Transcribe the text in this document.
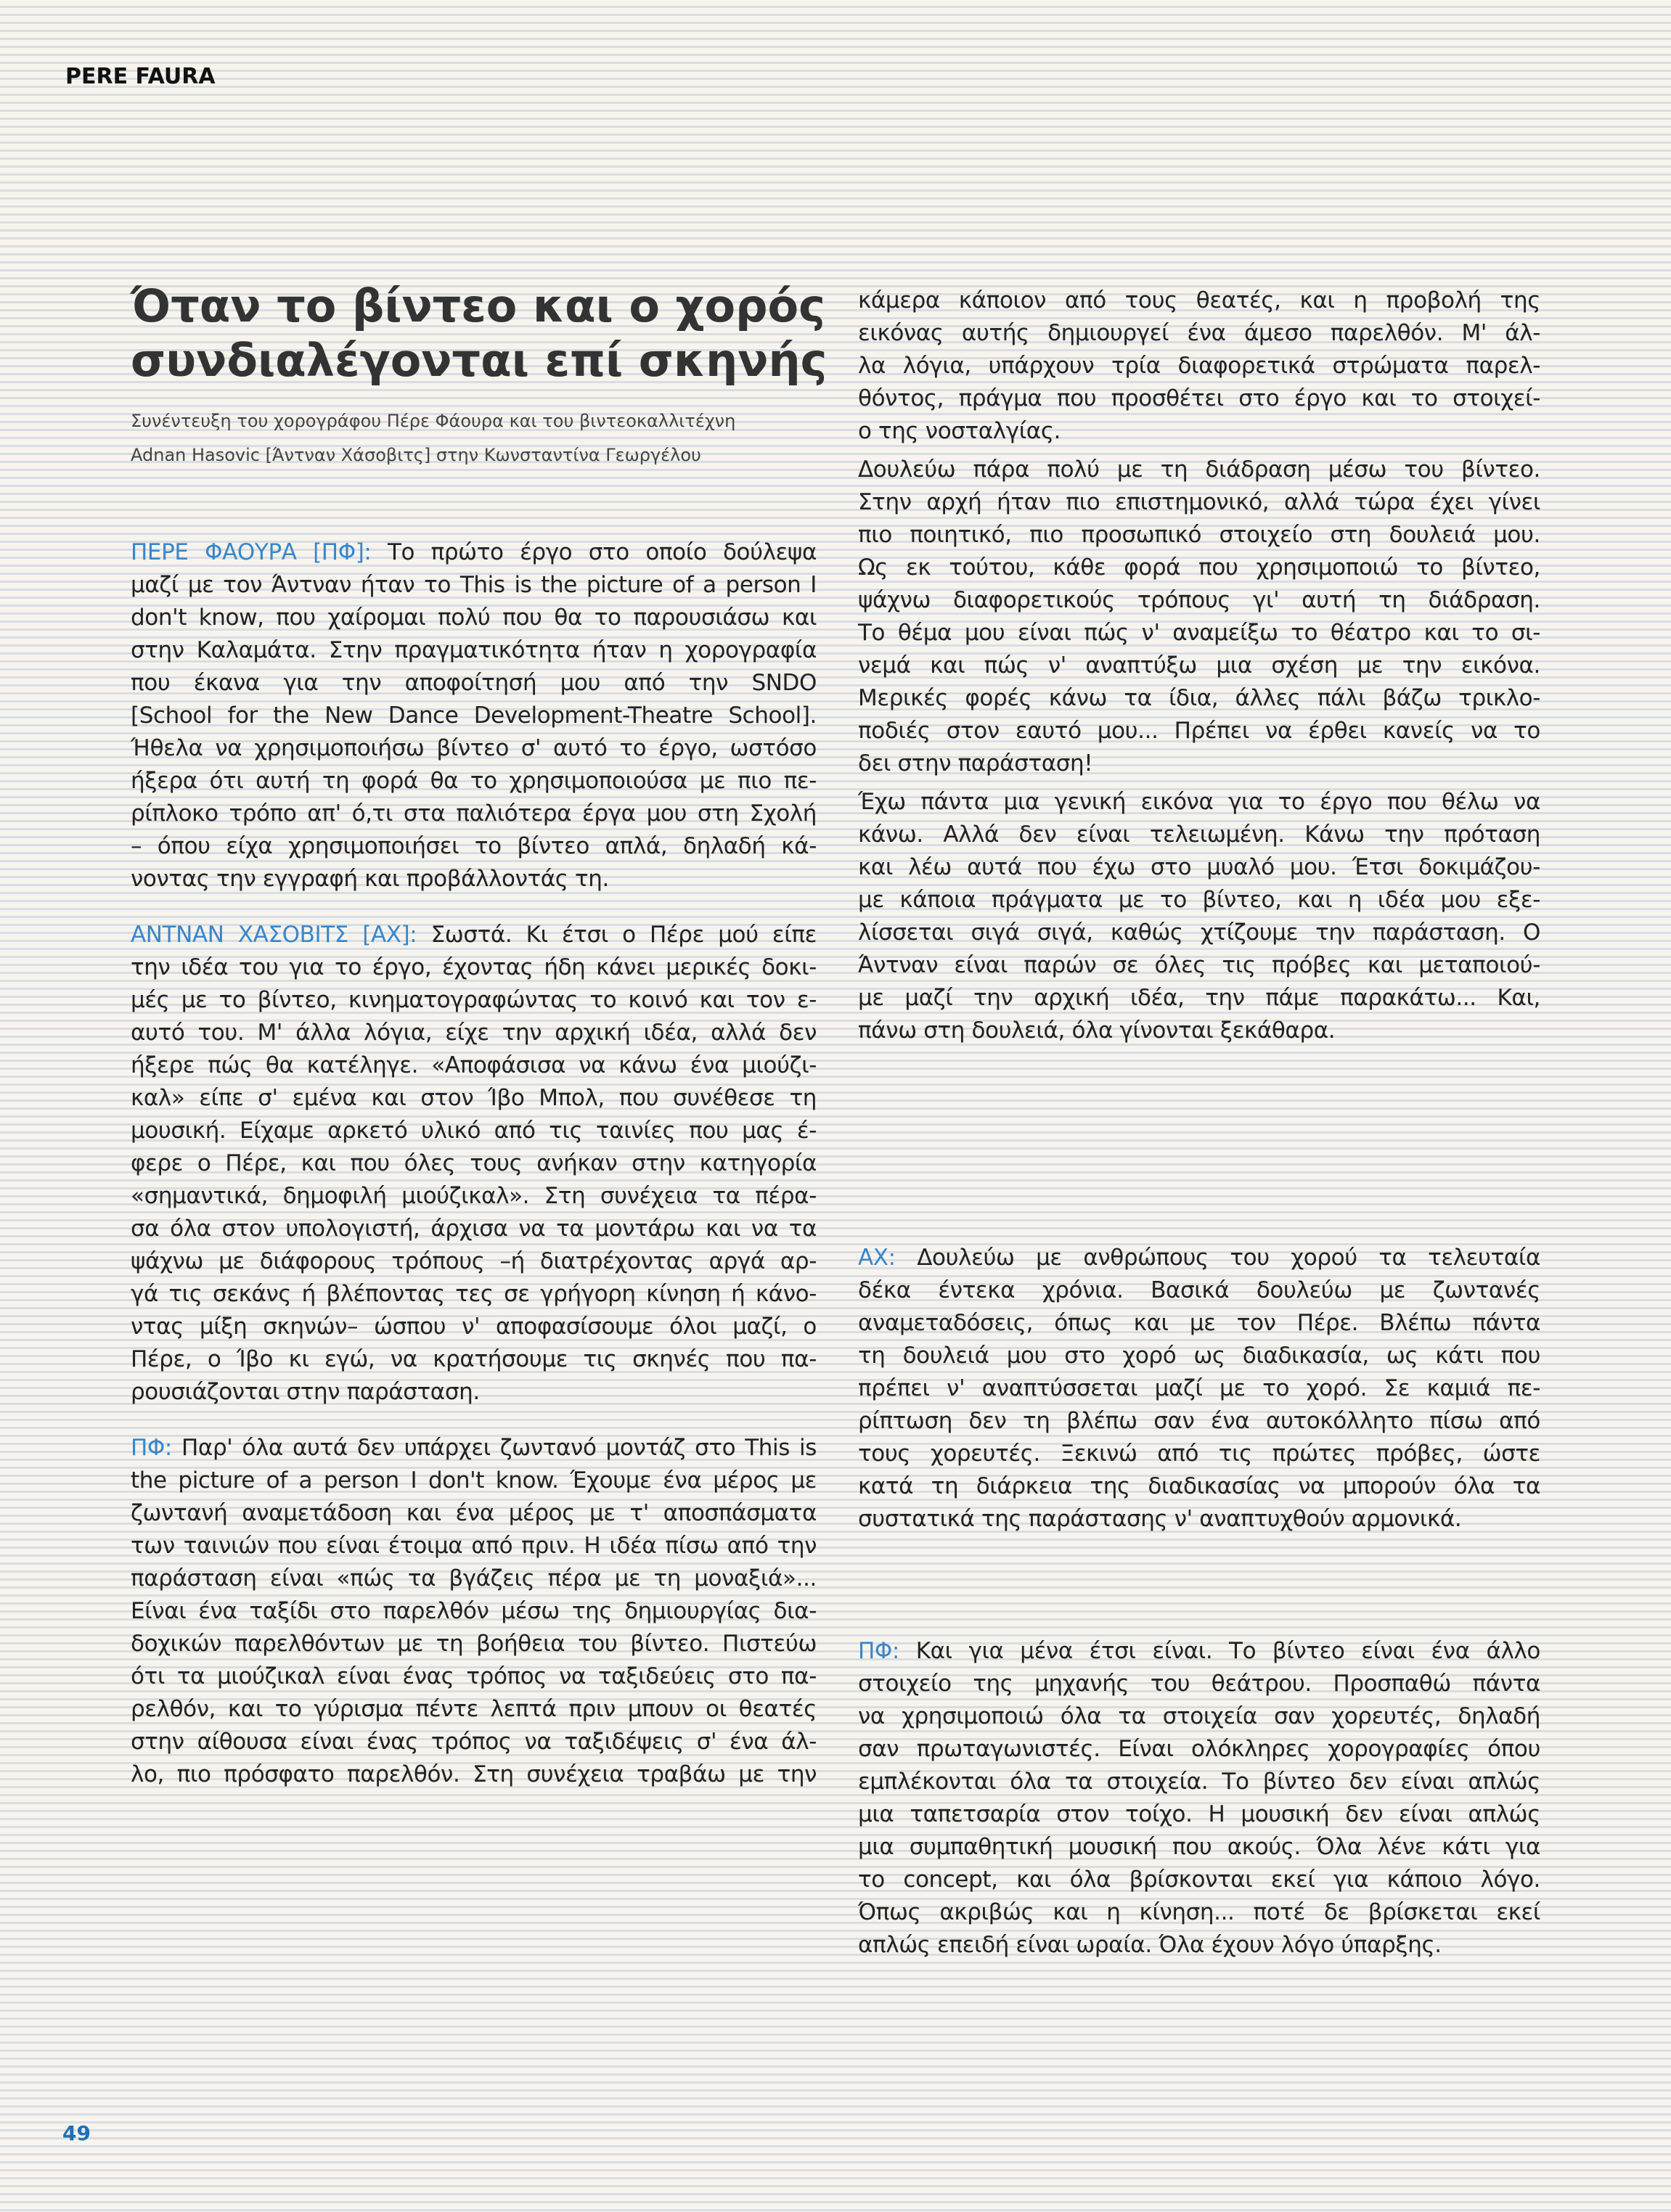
PERE FAURA
Όταν το βίντεο και ο χορός
συνδιαλέγονται επί σκηνής
Συνέντευξη του χορογράφου Πέρε Φάουρα και του βιντεοκαλλιτέχνη
Adnan Hasovic [Άντναν Χάσοβιτς] στην Κωνσταντίνα Γεωργέλου
ΠΕΡΕ ΦΑΟΥΡΑ [ΠΦ]: Το πρώτο έργο στο οποίο δούλεψα
μαζί με τον Άντναν ήταν το This is the picture of a person I
don't know, που χαίρομαι πολύ που θα το παρουσιάσω και
στην Καλαμάτα. Στην πραγματικότητα ήταν η χορογραφία
που έκανα για την αποφοίτησή μου από την SNDO
[School for the New Dance Development-Theatre School].
Ήθελα να χρησιμοποιήσω βίντεο σ' αυτό το έργο, ωστόσο
ήξερα ότι αυτή τη φορά θα το χρησιμοποιούσα με πιο πε-
ρίπλοκο τρόπο απ' ό,τι στα παλιότερα έργα μου στη Σχολή
– όπου είχα χρησιμοποιήσει το βίντεο απλά, δηλαδή κά-
νοντας την εγγραφή και προβάλλοντάς τη.
ΑΝΤΝΑΝ ΧΑΣΟΒΙΤΣ [ΑΧ]: Σωστά. Κι έτσι ο Πέρε μού είπε
την ιδέα του για το έργο, έχοντας ήδη κάνει μερικές δοκι-
μές με το βίντεο, κινηματογραφώντας το κοινό και τον ε-
αυτό του. Μ' άλλα λόγια, είχε την αρχική ιδέα, αλλά δεν
ήξερε πώς θα κατέληγε. «Αποφάσισα να κάνω ένα μιούζι-
καλ» είπε σ' εμένα και στον Ίβο Μπολ, που συνέθεσε τη
μουσική. Είχαμε αρκετό υλικό από τις ταινίες που μας έ-
φερε ο Πέρε, και που όλες τους ανήκαν στην κατηγορία
«σημαντικά, δημοφιλή μιούζικαλ». Στη συνέχεια τα πέρα-
σα όλα στον υπολογιστή, άρχισα να τα μοντάρω και να τα
ψάχνω με διάφορους τρόπους –ή διατρέχοντας αργά αρ-
γά τις σεκάνς ή βλέποντας τες σε γρήγορη κίνηση ή κάνο-
ντας μίξη σκηνών– ώσπου ν' αποφασίσουμε όλοι μαζί, ο
Πέρε, ο Ίβο κι εγώ, να κρατήσουμε τις σκηνές που πα-
ρουσιάζονται στην παράσταση.
ΠΦ: Παρ' όλα αυτά δεν υπάρχει ζωντανό μοντάζ στο This is
the picture of a person I don't know. Έχουμε ένα μέρος με
ζωντανή αναμετάδοση και ένα μέρος με τ' αποσπάσματα
των ταινιών που είναι έτοιμα από πριν. Η ιδέα πίσω από την
παράσταση είναι «πώς τα βγάζεις πέρα με τη μοναξιά»...
Είναι ένα ταξίδι στο παρελθόν μέσω της δημιουργίας δια-
δοχικών παρελθόντων με τη βοήθεια του βίντεο. Πιστεύω
ότι τα μιούζικαλ είναι ένας τρόπος να ταξιδεύεις στο πα-
ρελθόν, και το γύρισμα πέντε λεπτά πριν μπουν οι θεατές
στην αίθουσα είναι ένας τρόπος να ταξιδέψεις σ' ένα άλ-
λο, πιο πρόσφατο παρελθόν. Στη συνέχεια τραβάω με την
κάμερα κάποιον από τους θεατές, και η προβολή της
εικόνας αυτής δημιουργεί ένα άμεσο παρελθόν. Μ' άλ-
λα λόγια, υπάρχουν τρία διαφορετικά στρώματα παρελ-
θόντος, πράγμα που προσθέτει στο έργο και το στοιχεί-
ο της νοσταλγίας.
Δουλεύω πάρα πολύ με τη διάδραση μέσω του βίντεο.
Στην αρχή ήταν πιο επιστημονικό, αλλά τώρα έχει γίνει
πιο ποιητικό, πιο προσωπικό στοιχείο στη δουλειά μου.
Ως εκ τούτου, κάθε φορά που χρησιμοποιώ το βίντεο,
ψάχνω διαφορετικούς τρόπους γι' αυτή τη διάδραση.
Το θέμα μου είναι πώς ν' αναμείξω το θέατρο και το σι-
νεμά και πώς ν' αναπτύξω μια σχέση με την εικόνα.
Μερικές φορές κάνω τα ίδια, άλλες πάλι βάζω τρικλο-
ποδιές στον εαυτό μου... Πρέπει να έρθει κανείς να το
δει στην παράσταση!
Έχω πάντα μια γενική εικόνα για το έργο που θέλω να
κάνω. Αλλά δεν είναι τελειωμένη. Κάνω την πρόταση
και λέω αυτά που έχω στο μυαλό μου. Έτσι δοκιμάζου-
με κάποια πράγματα με το βίντεο, και η ιδέα μου εξε-
λίσσεται σιγά σιγά, καθώς χτίζουμε την παράσταση. Ο
Άντναν είναι παρών σε όλες τις πρόβες και μεταποιού-
με μαζί την αρχική ιδέα, την πάμε παρακάτω... Και,
πάνω στη δουλειά, όλα γίνονται ξεκάθαρα.
ΑΧ: Δουλεύω με ανθρώπους του χορού τα τελευταία
δέκα έντεκα χρόνια. Βασικά δουλεύω με ζωντανές
αναμεταδόσεις, όπως και με τον Πέρε. Βλέπω πάντα
τη δουλειά μου στο χορό ως διαδικασία, ως κάτι που
πρέπει ν' αναπτύσσεται μαζί με το χορό. Σε καμιά πε-
ρίπτωση δεν τη βλέπω σαν ένα αυτοκόλλητο πίσω από
τους χορευτές. Ξεκινώ από τις πρώτες πρόβες, ώστε
κατά τη διάρκεια της διαδικασίας να μπορούν όλα τα
συστατικά της παράστασης ν' αναπτυχθούν αρμονικά.
ΠΦ: Και για μένα έτσι είναι. Το βίντεο είναι ένα άλλο
στοιχείο της μηχανής του θεάτρου. Προσπαθώ πάντα
να χρησιμοποιώ όλα τα στοιχεία σαν χορευτές, δηλαδή
σαν πρωταγωνιστές. Είναι ολόκληρες χορογραφίες όπου
εμπλέκονται όλα τα στοιχεία. Το βίντεο δεν είναι απλώς
μια ταπετσαρία στον τοίχο. Η μουσική δεν είναι απλώς
μια συμπαθητική μουσική που ακούς. Όλα λένε κάτι για
το concept, και όλα βρίσκονται εκεί για κάποιο λόγο.
Όπως ακριβώς και η κίνηση... ποτέ δε βρίσκεται εκεί
απλώς επειδή είναι ωραία. Όλα έχουν λόγο ύπαρξης.
49
